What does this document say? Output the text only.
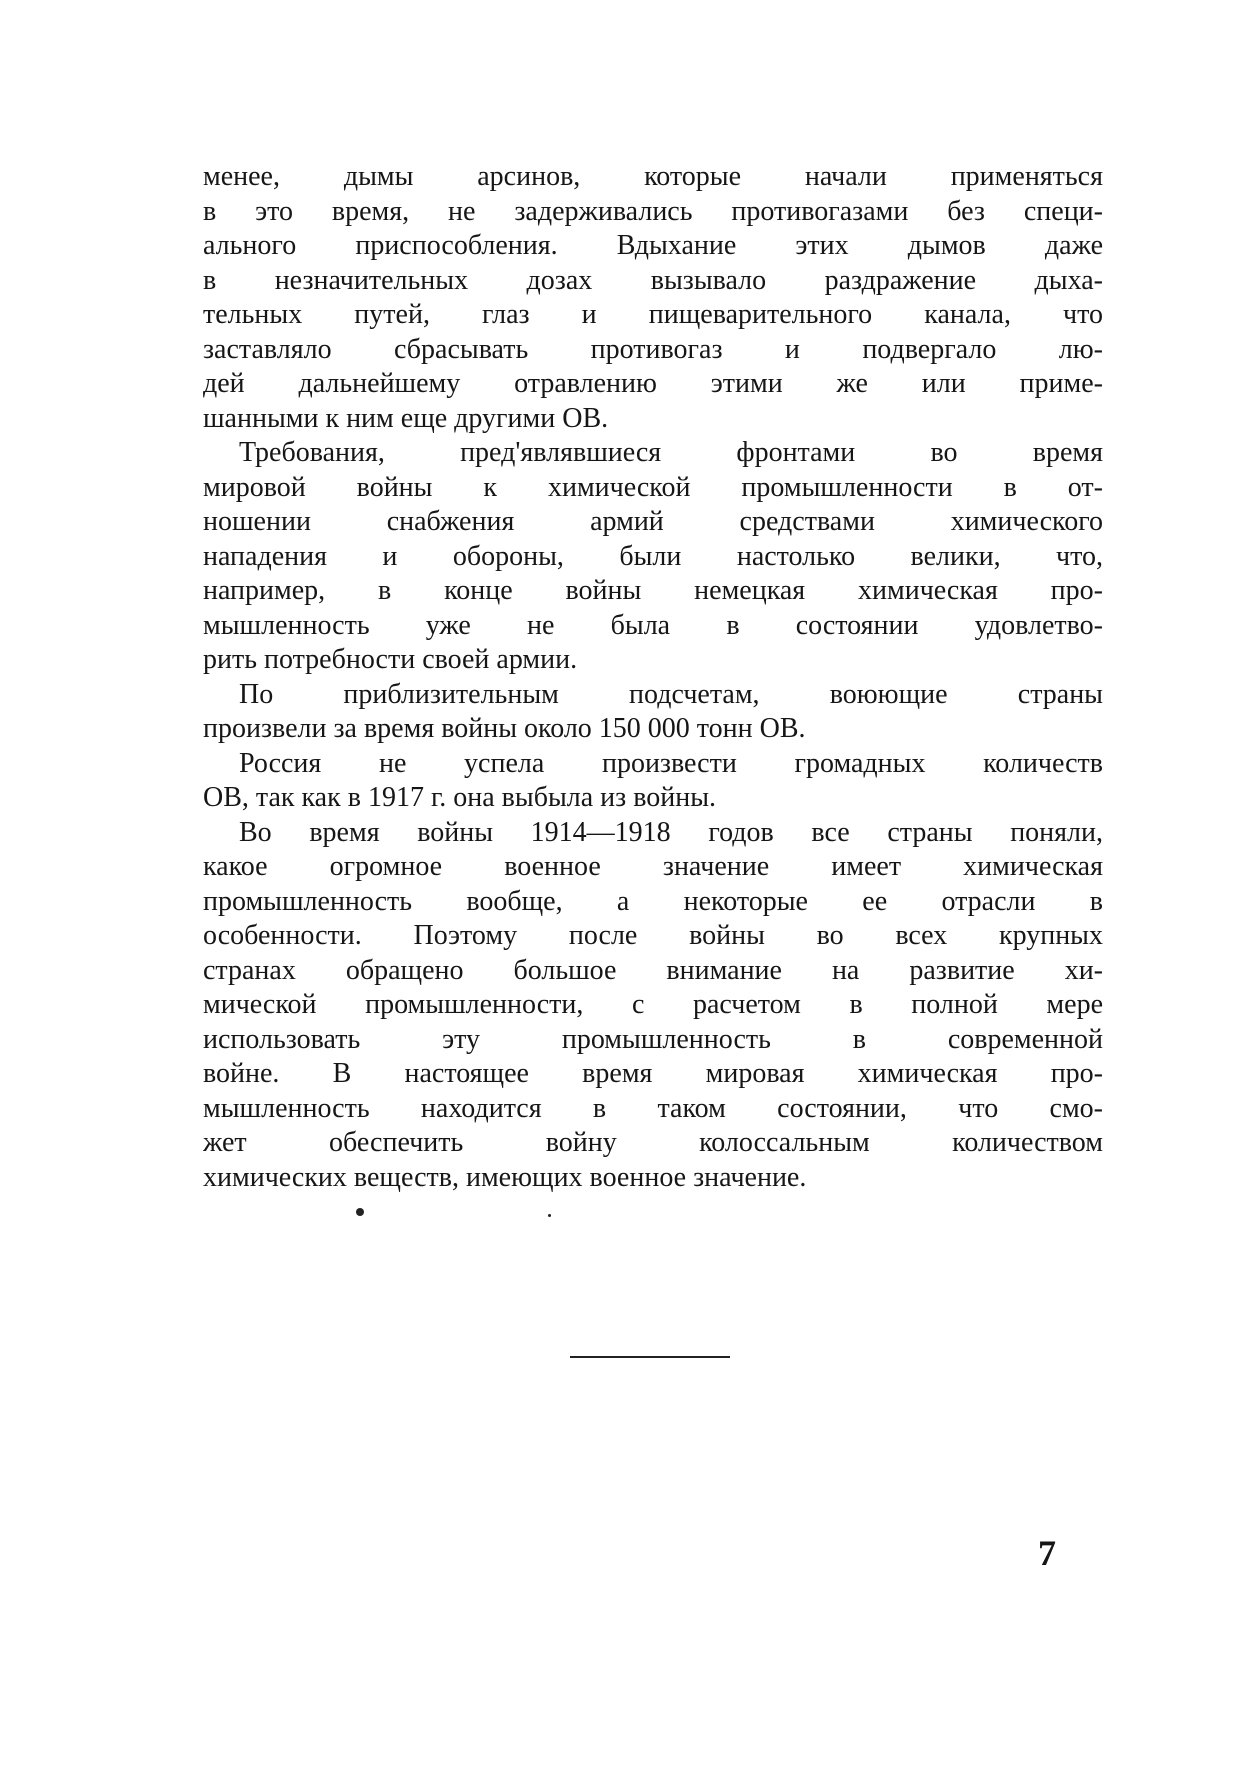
менее, дымы арсинов, которые начали применяться
в это время, не задерживались противогазами без специ-
ального приспособления. Вдыхание этих дымов даже
в незначительных дозах вызывало раздражение дыха-
тельных путей, глаз и пищеварительного канала, что
заставляло сбрасывать противогаз и подвергало лю-
дей дальнейшему отравлению этими же или приме-
шанными к ним еще другими ОВ.
Требования, пред'являвшиеся фронтами во время
мировой войны к химической промышленности в от-
ношении снабжения армий средствами химического
нападения и обороны, были настолько велики, что,
например, в конце войны немецкая химическая про-
мышленность уже не была в состоянии удовлетво-
рить потребности своей армии.
По приблизительным подсчетам, воюющие страны
произвели за время войны около 150 000 тонн ОВ.
Россия не успела произвести громадных количеств
ОВ, так как в 1917 г. она выбыла из войны.
Во время войны 1914—1918 годов все страны поняли,
какое огромное военное значение имеет химическая
промышленность вообще, а некоторые ее отрасли в
особенности. Поэтому после войны во всех крупных
странах обращено большое внимание на развитие хи-
мической промышленности, с расчетом в полной мере
использовать эту промышленность в современной
войне. В настоящее время мировая химическая про-
мышленность находится в таком состоянии, что смо-
жет обеспечить войну колоссальным количеством
химических веществ, имеющих военное значение.
7
